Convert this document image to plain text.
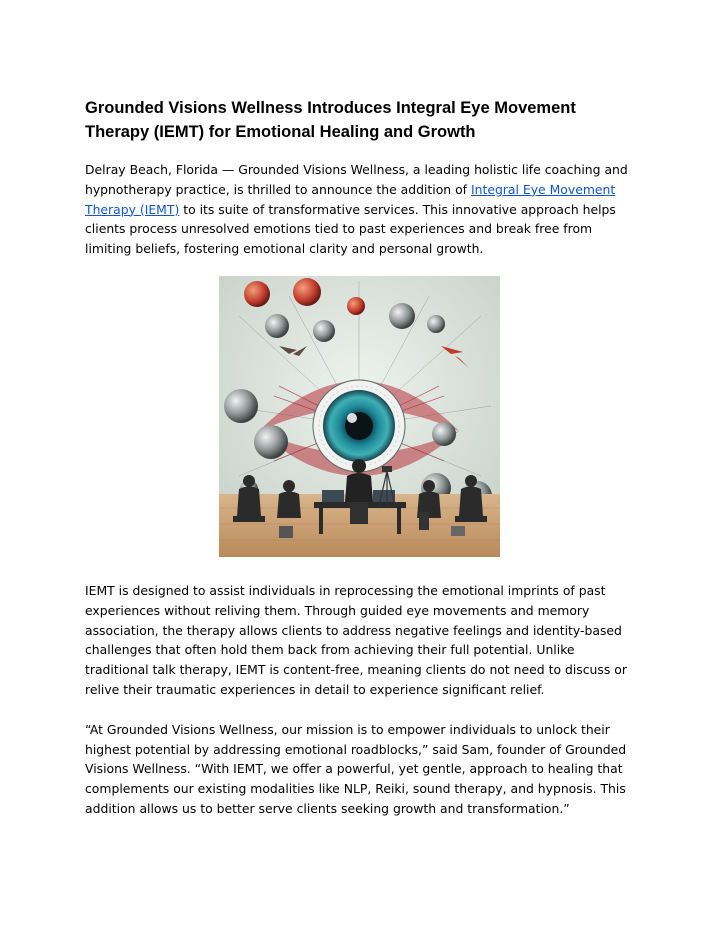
Grounded Visions Wellness Introduces Integral Eye Movement Therapy (IEMT) for Emotional Healing and Growth

Delray Beach, Florida — Grounded Visions Wellness, a leading holistic life coaching and hypnotherapy practice, is thrilled to announce the addition of Integral Eye Movement Therapy (IEMT) to its suite of transformative services. This innovative approach helps clients process unresolved emotions tied to past experiences and break free from limiting beliefs, fostering emotional clarity and personal growth.

IEMT is designed to assist individuals in reprocessing the emotional imprints of past experiences without reliving them. Through guided eye movements and memory association, the therapy allows clients to address negative feelings and identity-based challenges that often hold them back from achieving their full potential. Unlike traditional talk therapy, IEMT is content-free, meaning clients do not need to discuss or relive their traumatic experiences in detail to experience significant relief.

“At Grounded Visions Wellness, our mission is to empower individuals to unlock their highest potential by addressing emotional roadblocks,” said Sam, founder of Grounded Visions Wellness. “With IEMT, we offer a powerful, yet gentle, approach to healing that complements our existing modalities like NLP, Reiki, sound therapy, and hypnosis. This addition allows us to better serve clients seeking growth and transformation.”
